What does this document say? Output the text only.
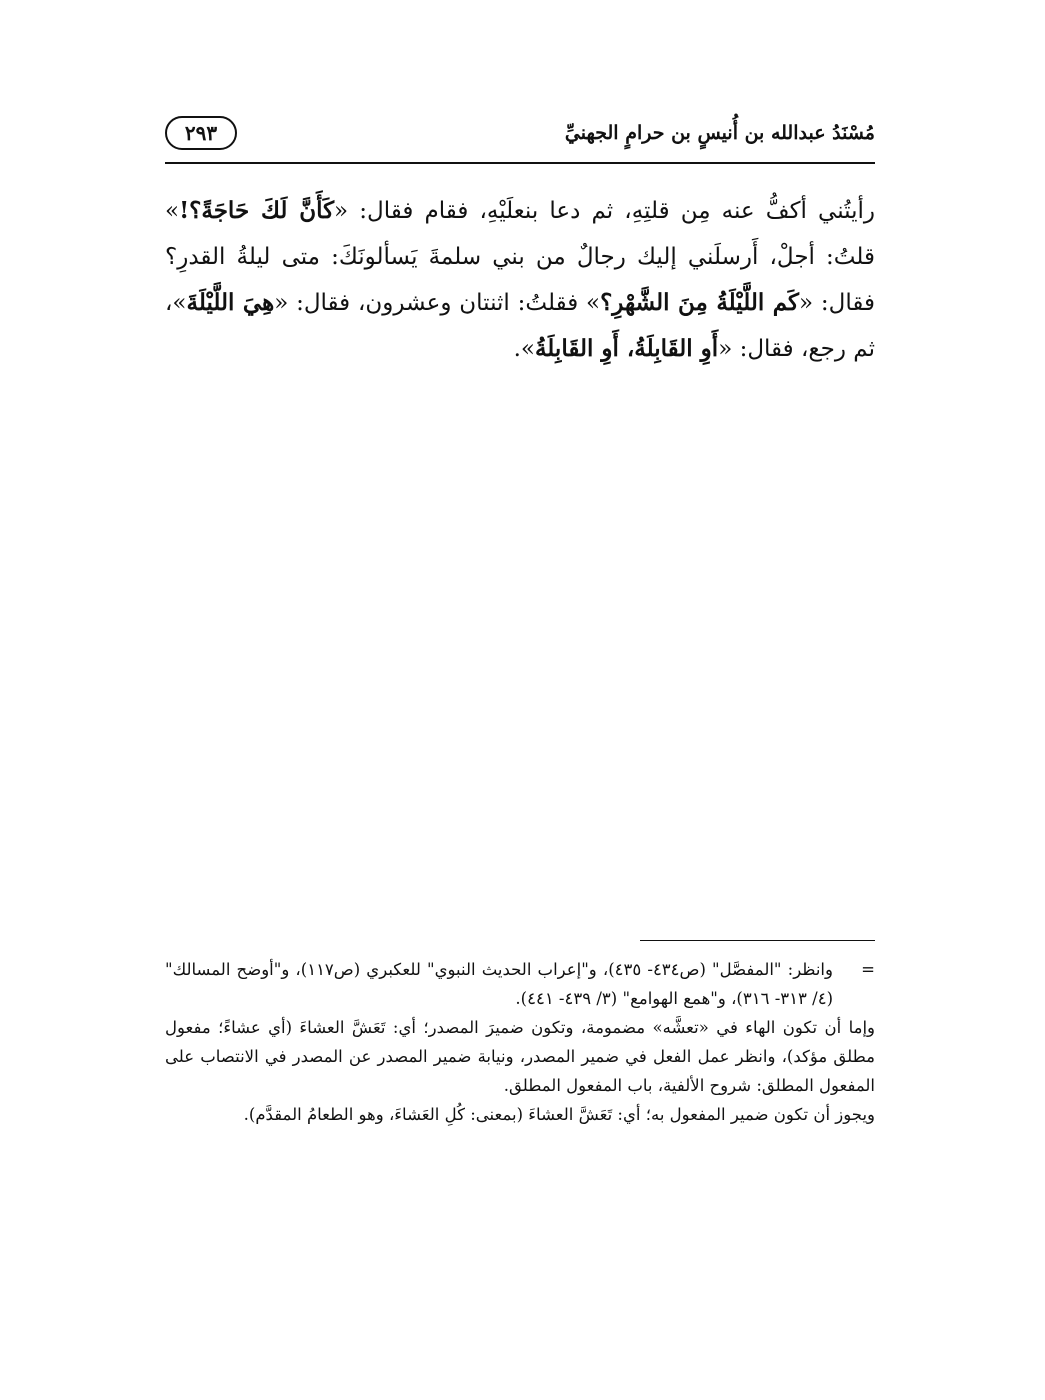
مُسْنَدُ عبدالله بن أُنيسٍ بن حرامٍ الجهنيِّ
٢٩٣

رأيتُني أكفُّ عنه مِن قلتِهِ، ثم دعا بنعلَيْهِ، فقام فقال: «كَأَنَّ لَكَ حَاجَةً؟!» قلتُ: أجلْ، أَرسلَني إليك رجالٌ من بني سلمةَ يَسألونَكَ: متى ليلةُ القدرِ؟ فقال: «كَم اللَّيْلَةُ مِنَ الشَّهْرِ؟» فقلتُ: اثنتان وعشرون، فقال: «هِيَ اللَّيْلَةَ»، ثم رجع، فقال: «أَوِ القَابِلَةُ، أَوِ القَابِلَةُ».

=
وانظر: "المفصَّل" (ص٤٣٤- ٤٣٥)، و"إعراب الحديث النبوي" للعكبري (ص١١٧)، و"أوضح المسالك" (٤/ ٣١٣- ٣١٦)، و"همع الهوامع" (٣/ ٤٣٩- ٤٤١).

وإما أن تكون الهاء في «تعشَّه» مضمومة، وتكون ضميرَ المصدر؛ أي: تَعَشَّ العشاءَ (أي عشاءً؛ مفعول مطلق مؤكد)، وانظر عمل الفعل في ضمير المصدر، ونيابة ضمير المصدر عن المصدر في الانتصاب على المفعول المطلق: شروح الألفية، باب المفعول المطلق.

ويجوز أن تكون ضمير المفعول به؛ أي: تَعَشَّ العشاءَ (بمعنى: كُلِ العَشاءَ، وهو الطعامُ المقدَّم).
